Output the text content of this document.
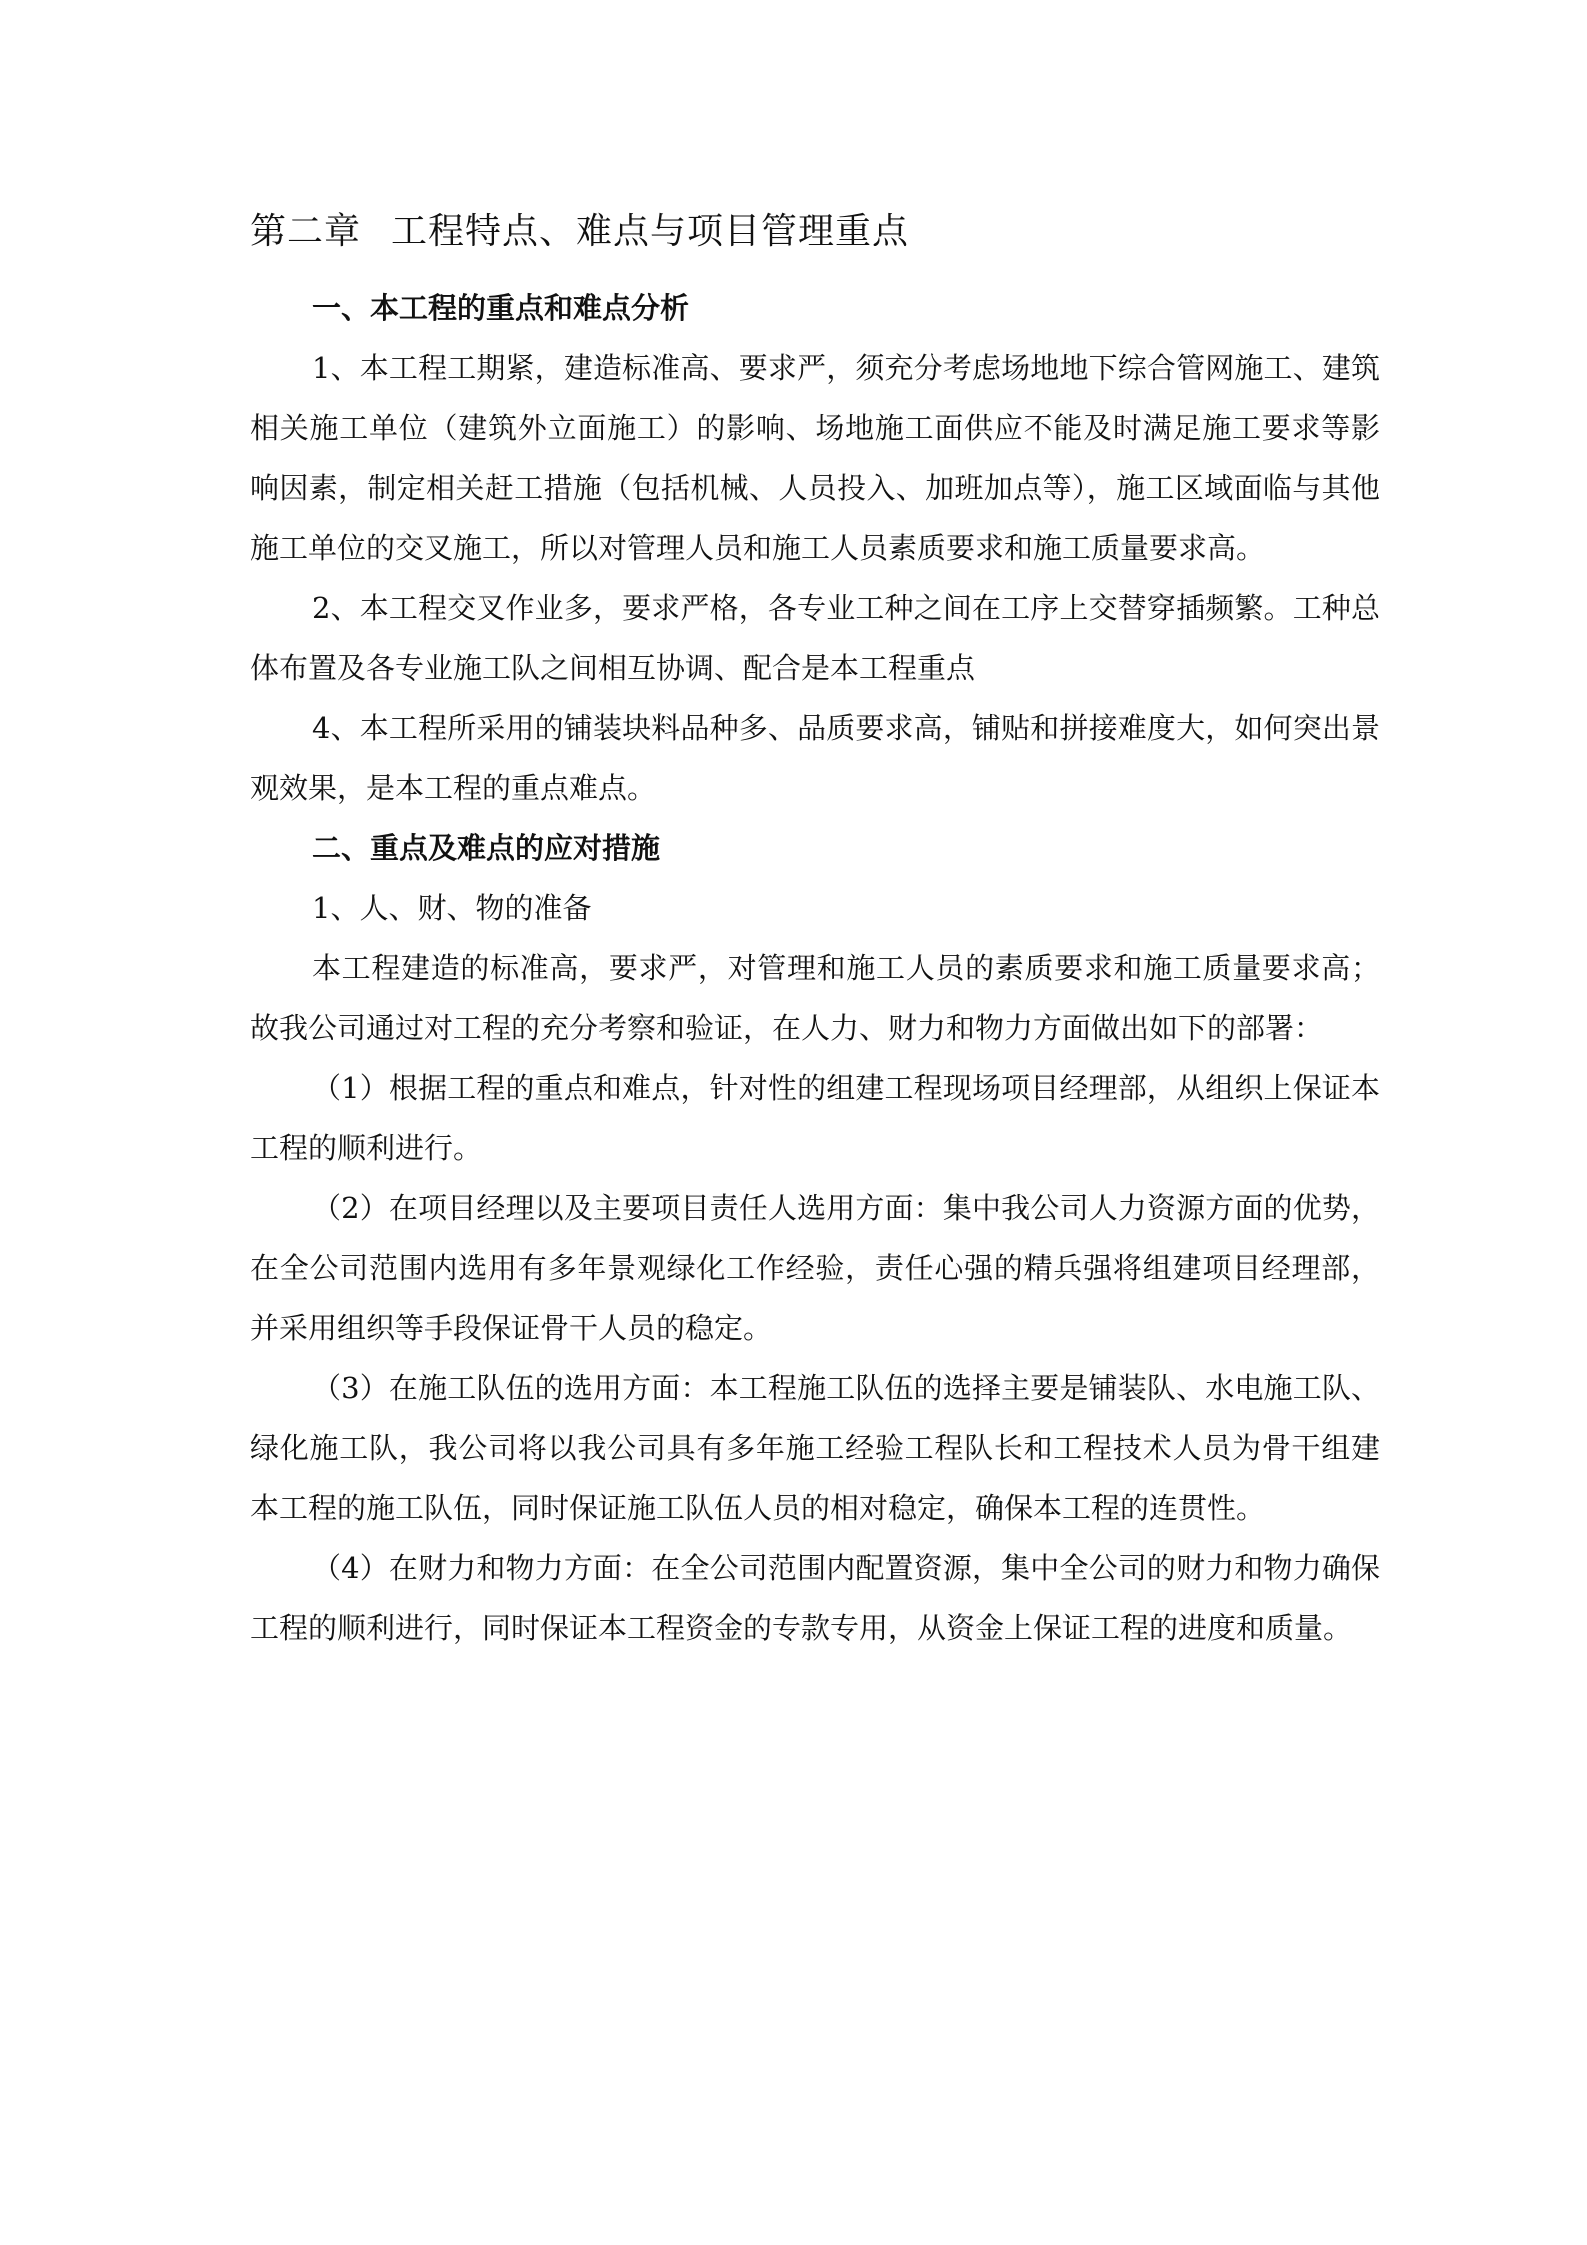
第二章 工程特点、难点与项目管理重点
一、本工程的重点和难点分析

1、本工程工期紧，建造标准高、要求严，须充分考虑场地地下综合管网施工、建筑相关施工单位（建筑外立面施工）的影响、场地施工面供应不能及时满足施工要求等影响因素，制定相关赶工措施（包括机械、人员投入、加班加点等），施工区域面临与其他施工单位的交叉施工，所以对管理人员和施工人员素质要求和施工质量要求高。

2、本工程交叉作业多，要求严格，各专业工种之间在工序上交替穿插频繁。工种总体布置及各专业施工队之间相互协调、配合是本工程重点

4、本工程所采用的铺装块料品种多、品质要求高，铺贴和拼接难度大，如何突出景观效果，是本工程的重点难点。

二、重点及难点的应对措施

1、人、财、物的准备

本工程建造的标准高，要求严，对管理和施工人员的素质要求和施工质量要求高；故我公司通过对工程的充分考察和验证，在人力、财力和物力方面做出如下的部署：

（1）根据工程的重点和难点，针对性的组建工程现场项目经理部，从组织上保证本工程的顺利进行。

（2）在项目经理以及主要项目责任人选用方面：集中我公司人力资源方面的优势，在全公司范围内选用有多年景观绿化工作经验，责任心强的精兵强将组建项目经理部，并采用组织等手段保证骨干人员的稳定。

（3）在施工队伍的选用方面：本工程施工队伍的选择主要是铺装队、水电施工队、绿化施工队，我公司将以我公司具有多年施工经验工程队长和工程技术人员为骨干组建本工程的施工队伍，同时保证施工队伍人员的相对稳定，确保本工程的连贯性。

（4）在财力和物力方面：在全公司范围内配置资源，集中全公司的财力和物力确保工程的顺利进行，同时保证本工程资金的专款专用，从资金上保证工程的进度和质量。
